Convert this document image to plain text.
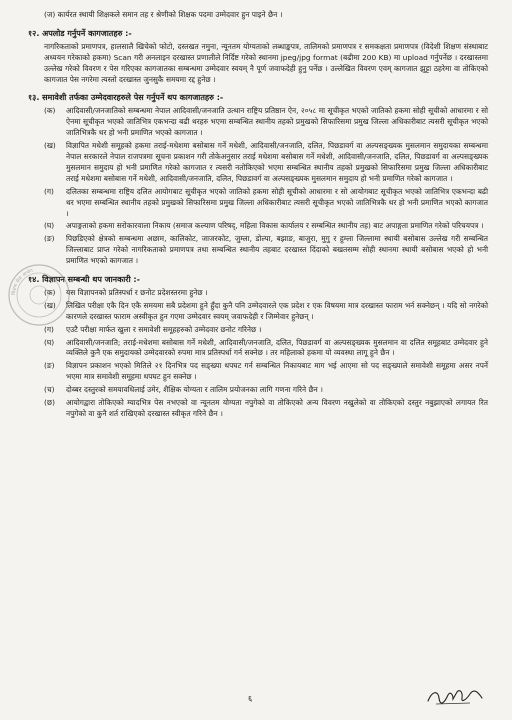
शिक्षक सेवा आयोग

(ज) कार्यरत स्थायी शिक्षकले समान तह र श्रेणीको शिक्षक पदमा उम्मेदवार हुन पाइने छैन ।

१२. अपलोड गर्नुपर्ने कागजातहरु :-

नागरिकताको प्रमाणपत्र, हालसालै खिचेको फोटो, दस्तखत नमुना, न्यूनतम योग्यताको लब्धाङ्कपत्र, तालिमको प्रमाणपत्र र समकक्षता प्रमाणपत्र (विदेशी शिक्षण संस्थाबाट अध्ययन गरेकाको हकमा) Scan गरी अनलाइन दरखास्त प्रणालीले निर्दिष्ट गरेको स्थानमा jpeg/jpg format (बढीमा 200 KB) मा upload गर्नुपर्नेछ । दरखास्तमा उल्लेख गरेको विवरण र पेस गरिएका कागजातका सम्बन्धमा उम्मेदवार स्वयम् नै पूर्ण जवाफदेही हुनु पर्नेछ । उल्लेखित विवरण एवम् कागजात झुट्टा ठहरेमा वा तोकिएको कागजात पेस नगरेमा त्यस्तो दरखास्त जुनसुकै समयमा रद्द हुनेछ ।

१३. समावेशी तर्फका उम्मेदवारहरुले पेस गर्नुपर्ने थप कागजातहरु :-
(क)	आदिवासी/जनजातिको सम्बन्धमा नेपाल आदिवासी/जनजाति उत्थान राष्ट्रिय प्रतिष्ठान ऐन, २०५८ मा सूचीकृत भएको जातिको हकमा सोही सूचीको आधारमा र सो ऐनमा सूचीकृत भएको जातिभित्र एकभन्दा बढी थरहरु भएमा सम्बन्धित स्थानीय तहको प्रमुखको सिफारिसमा प्रमुख जिल्ला अधिकारीबाट त्यसरी सूचीकृत भएको जातिभित्रकै थर हो भनी प्रमाणित भएको कागजात ।
(ख)	विज्ञापित मधेशी समूहको हकमा तराई-मधेशमा बसोबास गर्ने मधेशी, आदिवासी/जनजाति, दलित, पिछडावर्ग वा अल्पसङ्ख्यक मुसलमान समुदायका सम्बन्धमा नेपाल सरकारले नेपाल राजपत्रमा सूचना प्रकाशन गरी तोकेअनुसार तराई मधेशमा बसोबास गर्ने मधेशी, आदिवासी/जनजाति, दलित, पिछडावर्ग वा अल्पसङ्ख्यक मुसलमान समुदाय हो भनी प्रमाणित गरेको कागजात र त्यसरी नतोकिएको भएमा सम्बन्धित स्थानीय तहको प्रमुखको सिफारिसमा प्रमुख जिल्ला अधिकारीबाट तराई मधेशमा बसोबास गर्ने मधेशी, आदिवासी/जनजाति, दलित, पिछडावर्ग वा अल्पसङ्ख्यक मुसलमान समुदाय हो भनी प्रमाणित गरेको कागजात ।
(ग)	दलितका सम्बन्धमा राष्ट्रिय दलित आयोगबाट सूचीकृत भएको जातिको हकमा सोही सूचीको आधारमा र सो आयोगबाट सूचीकृत भएको जातिभित्र एकभन्दा बढी थर भएमा सम्बन्धित स्थानीय तहको प्रमुखको सिफारिसमा प्रमुख जिल्ला अधिकारीबाट त्यसरी सूचीकृत भएको जातिभित्रकै थर हो भनी प्रमाणित भएको कागजात ।
(घ)	अपाङ्गताको हकमा सरोकारवाला निकाय (समाज कल्याण परिषद्, महिला विकास कार्यालय र सम्बन्धित स्थानीय तह) बाट अपाङ्गता प्रमाणित गरेको परिचयपत्र ।
(ङ)	पिछडिएको क्षेत्रको सम्बन्धमा अछाम, कालिकोट, जाजरकोट, जुम्ला, डोल्पा, बझाङ, बाजुरा, मुगु र हुम्ला जिल्लामा स्थायी बसोबास उल्लेख गरी सम्बन्धित जिल्लाबाट प्राप्त गरेको नागरिकताको प्रमाणपत्र तथा सम्बन्धित स्थानीय तहबाट दरखास्त दिंदाको बखतसम्म सोही स्थानमा स्थायी बसोबास भएको हो भनी प्रमाणित भएको कागजात ।
१४. विज्ञापन सम्बन्धी थप जानकारी :-
(क)	यस विज्ञापनको प्रतिस्पर्धा र छनोट प्रदेशस्तरमा हुनेछ ।
(ख)	लिखित परीक्षा एकै दिन एकै समयमा सबै प्रदेशमा हुने हुँदा कुनै पनि उम्मेदवारले एक प्रदेश र एक विषयमा मात्र दरखास्त फाराम भर्न सक्नेछन् । यदि सो नगरेको कारणले दरखास्त फाराम अस्वीकृत हुन गएमा उम्मेदवार स्वयम् जवाफदेही र जिम्मेवार हुनेछन् ।
(ग)	एउटै परीक्षा मार्फत खुला र समावेशी समूहहरुको उम्मेदवार छनोट गरिनेछ ।
(घ)	आदिवासी/जनजाति; तराई-मधेशमा बसोबास गर्ने मधेशी, आदिवासी/जनजाति, दलित, पिछडावर्ग वा अल्पसङ्ख्यक मुसलमान वा दलित समूहबाट उम्मेदवार हुने व्यक्तिले कुनै एक समुदायको उम्मेदवारको रुपमा मात्र प्रतिस्पर्धा गर्न सक्नेछ । तर महिलाको हकमा यो व्यवस्था लागू हुने छैन ।
(ङ)	विज्ञापन प्रकाशन भएको मितिले २१ दिनभित्र पद सङ्ख्या थपघट गर्न सम्बन्धित निकायबाट माग भई आएमा सो पद सङ्ख्याले समावेशी समूहमा असर नपर्ने भएमा मात्र समावेशी समूहमा थपघट हुन सक्नेछ ।
(च)	दोब्बर दस्तुरको समयावधिलाई उमेर, शैक्षिक योग्यता र तालिम प्रयोजनका लागि गणना गरिने छैन ।
(छ)	आयोगद्वारा तोकिएको म्यादभित्र पेस नभएको वा न्यूनतम योग्यता नपुगेको वा तोकिएको अन्य विवरण नखुलेको वा तोकिएको दस्तुर नबुझाएको लगायत रित नपुगेको वा कुनै शर्त राखिएको दरखास्त स्वीकृत गरिने छैन ।
६
